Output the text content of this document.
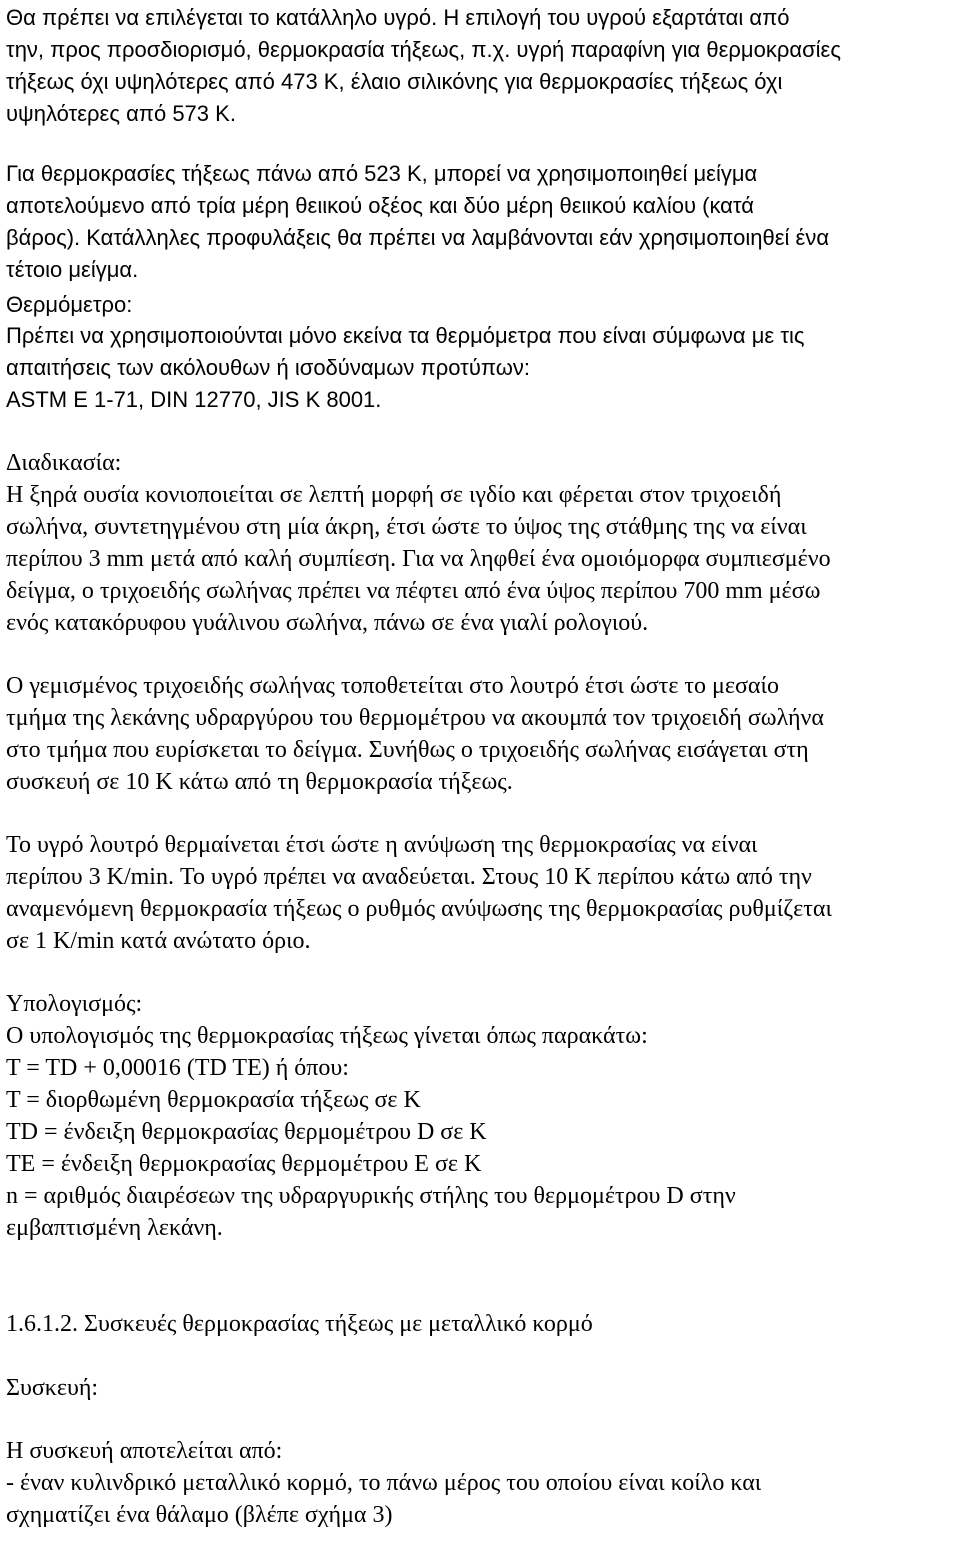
Θα πρέπει να επιλέγεται το κατάλληλο υγρό. Η επιλογή του υγρού εξαρτάται από
την, προς προσδιορισμό, θερμοκρασία τήξεως, π.χ. υγρή παραφίνη για θερμοκρασίες
τήξεως όχι υψηλότερες από 473 K, έλαιο σιλικόνης για θερμοκρασίες τήξεως όχι
υψηλότερες από 573 K.
Για θερμοκρασίες τήξεως πάνω από 523 K, μπορεί να χρησιμοποιηθεί μείγμα
αποτελούμενο από τρία μέρη θειικού οξέος και δύο μέρη θειικού καλίου (κατά
βάρος). Κατάλληλες προφυλάξεις θα πρέπει να λαμβάνονται εάν χρησιμοποιηθεί ένα
τέτοιο μείγμα.
Θερμόμετρο:
Πρέπει να χρησιμοποιούνται μόνο εκείνα τα θερμόμετρα που είναι σύμφωνα με τις
απαιτήσεις των ακόλουθων ή ισοδύναμων προτύπων:
ASTM E 1-71, DIN 12770, JIS K 8001.
Διαδικασία:
Η ξηρά ουσία κονιοποιείται σε λεπτή μορφή σε ιγδίο και φέρεται στον τριχοειδή
σωλήνα, συντετηγμένου στη μία άκρη, έτσι ώστε το ύψος της στάθμης της να είναι
περίπου 3 mm μετά από καλή συμπίεση. Για να ληφθεί ένα ομοιόμορφα συμπιεσμένο
δείγμα, ο τριχοειδής σωλήνας πρέπει να πέφτει από ένα ύψος περίπου 700 mm μέσω
ενός κατακόρυφου γυάλινου σωλήνα, πάνω σε ένα γιαλί ρολογιού.
Ο γεμισμένος τριχοειδής σωλήνας τοποθετείται στο λουτρό έτσι ώστε το μεσαίο
τμήμα της λεκάνης υδραργύρου του θερμομέτρου να ακουμπά τον τριχοειδή σωλήνα
στο τμήμα που ευρίσκεται το δείγμα. Συνήθως ο τριχοειδής σωλήνας εισάγεται στη
συσκευή σε 10 K κάτω από τη θερμοκρασία τήξεως.
Το υγρό λουτρό θερμαίνεται έτσι ώστε η ανύψωση της θερμοκρασίας να είναι
περίπου 3 K/min. Το υγρό πρέπει να αναδεύεται. Στους 10 K περίπου κάτω από την
αναμενόμενη θερμοκρασία τήξεως ο ρυθμός ανύψωσης της θερμοκρασίας ρυθμίζεται
σε 1 K/min κατά ανώτατο όριο.
Υπολογισμός:
Ο υπολογισμός της θερμοκρασίας τήξεως γίνεται όπως παρακάτω:
T = TD + 0,00016 (TD TE) ή όπου:
T = διορθωμένη θερμοκρασία τήξεως σε K
TD = ένδειξη θερμοκρασίας θερμομέτρου D σε K
TE = ένδειξη θερμοκρασίας θερμομέτρου E σε K
n = αριθμός διαιρέσεων της υδραργυρικής στήλης του θερμομέτρου D στην
εμβαπτισμένη λεκάνη.
1.6.1.2. Συσκευές θερμοκρασίας τήξεως με μεταλλικό κορμό
Συσκευή:
Η συσκευή αποτελείται από:
- έναν κυλινδρικό μεταλλικό κορμό, το πάνω μέρος του οποίου είναι κοίλο και
σχηματίζει ένα θάλαμο (βλέπε σχήμα 3)
